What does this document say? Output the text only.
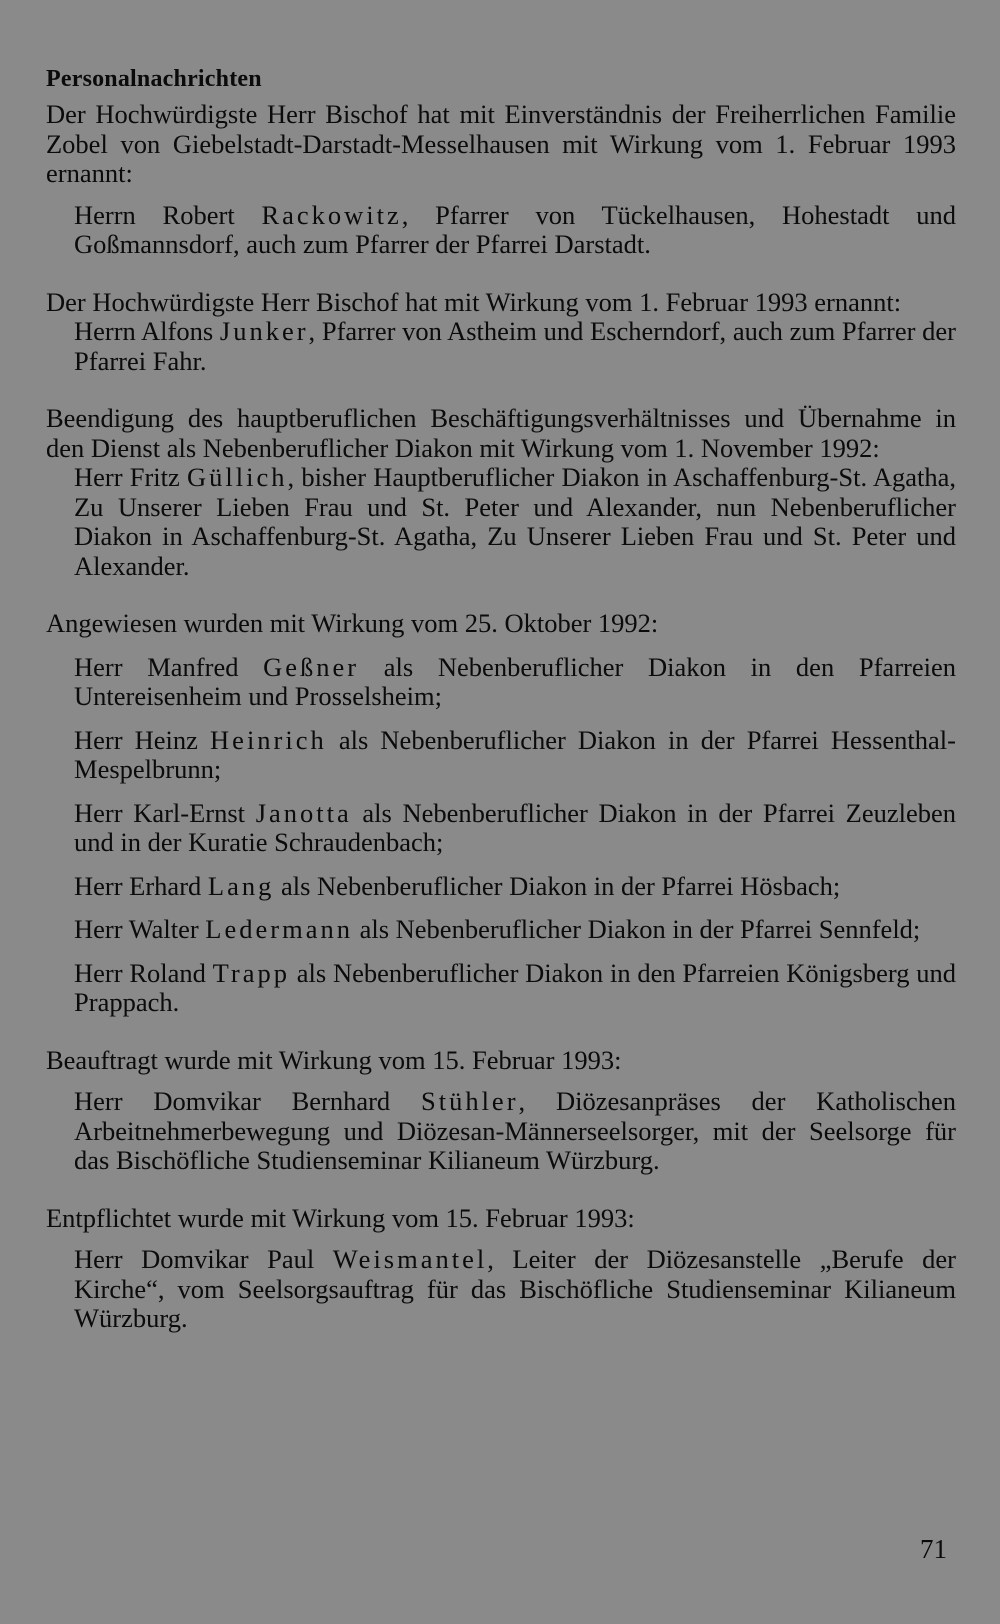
Personalnachrichten

Der Hochwürdigste Herr Bischof hat mit Einverständnis der Freiherrlichen Familie Zobel von Giebelstadt-Darstadt-Messelhausen mit Wirkung vom 1. Februar 1993 ernannt:

Herrn Robert Rackowitz, Pfarrer von Tückelhausen, Hohestadt und Goßmannsdorf, auch zum Pfarrer der Pfarrei Darstadt.

Der Hochwürdigste Herr Bischof hat mit Wirkung vom 1. Februar 1993 ernannt:

Herrn Alfons Junker, Pfarrer von Astheim und Escherndorf, auch zum Pfarrer der Pfarrei Fahr.

Beendigung des hauptberuflichen Beschäftigungsverhältnisses und Übernahme in den Dienst als Nebenberuflicher Diakon mit Wirkung vom 1. November 1992:

Herr Fritz Güllich, bisher Hauptberuflicher Diakon in Aschaffenburg-St. Agatha, Zu Unserer Lieben Frau und St. Peter und Alexander, nun Nebenberuflicher Diakon in Aschaffenburg-St. Agatha, Zu Unserer Lieben Frau und St. Peter und Alexander.

Angewiesen wurden mit Wirkung vom 25. Oktober 1992:

Herr Manfred Geßner als Nebenberuflicher Diakon in den Pfarreien Untereisenheim und Prosselsheim;

Herr Heinz Heinrich als Nebenberuflicher Diakon in der Pfarrei Hessenthal-Mespelbrunn;

Herr Karl-Ernst Janotta als Nebenberuflicher Diakon in der Pfarrei Zeuzleben und in der Kuratie Schraudenbach;

Herr Erhard Lang als Nebenberuflicher Diakon in der Pfarrei Hösbach;

Herr Walter Ledermann als Nebenberuflicher Diakon in der Pfarrei Sennfeld;

Herr Roland Trapp als Nebenberuflicher Diakon in den Pfarreien Königsberg und Prappach.

Beauftragt wurde mit Wirkung vom 15. Februar 1993:

Herr Domvikar Bernhard Stühler, Diözesanpräses der Katholischen Arbeitnehmerbewegung und Diözesan-Männerseelsorger, mit der Seelsorge für das Bischöfliche Studienseminar Kilianeum Würzburg.

Entpflichtet wurde mit Wirkung vom 15. Februar 1993:

Herr Domvikar Paul Weismantel, Leiter der Diözesanstelle „Berufe der Kirche“, vom Seelsorgsauftrag für das Bischöfliche Studienseminar Kilianeum Würzburg.

71
